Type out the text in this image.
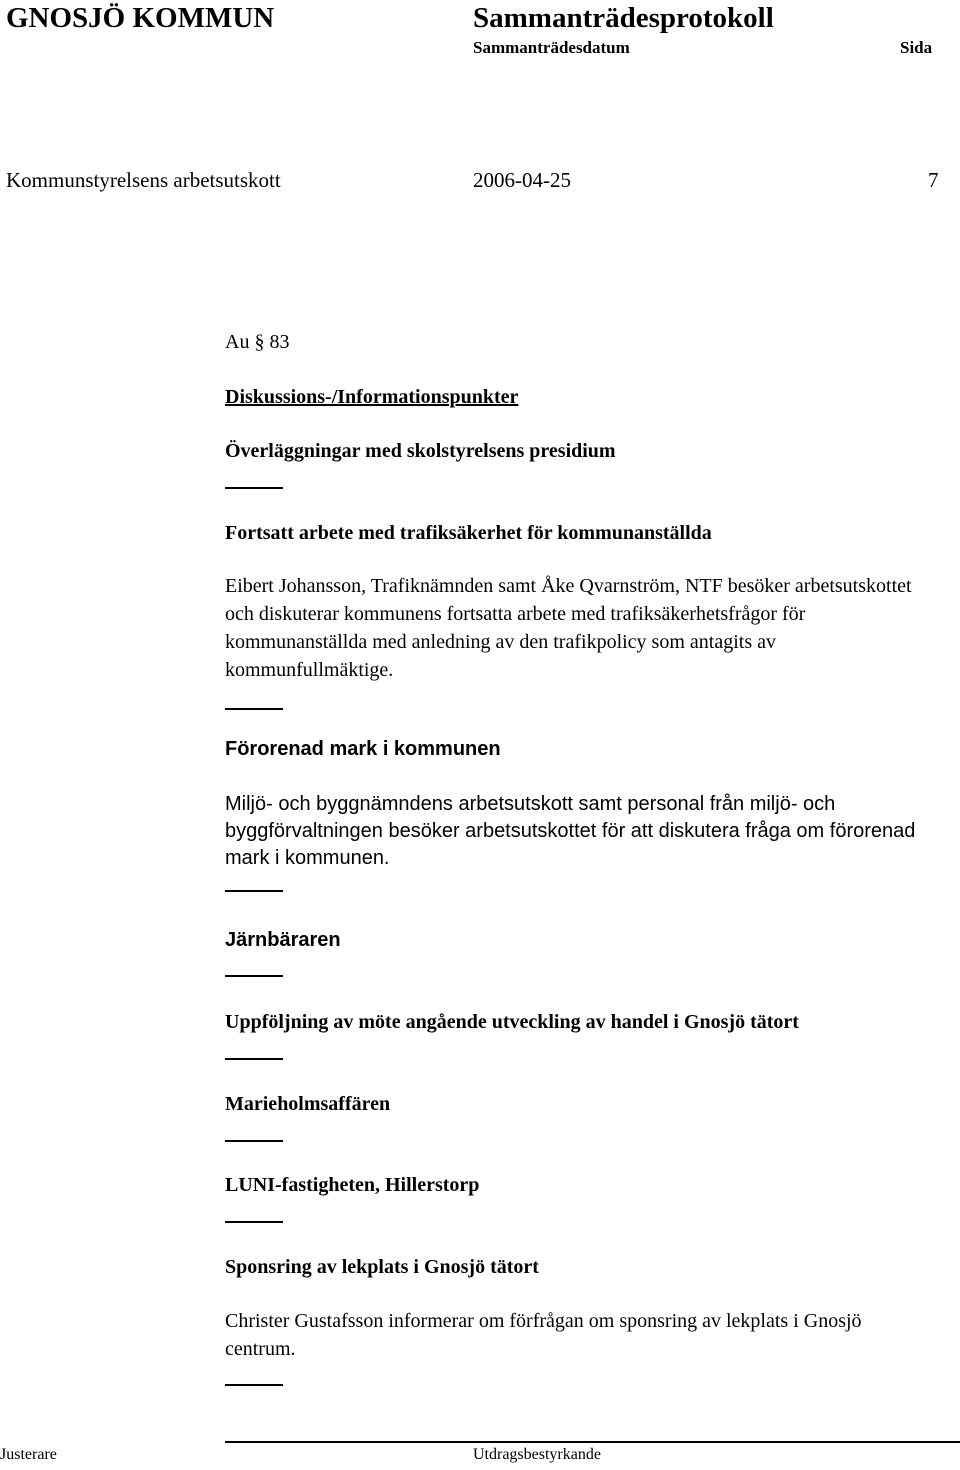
GNOSJÖ KOMMUN	Sammanträdesprotokoll
Sammanträdesdatum	Sida
Kommunstyrelsens arbetsutskott	2006-04-25	7
Au § 83
Diskussions-/Informationspunkter
Överläggningar med skolstyrelsens presidium
Fortsatt arbete med trafiksäkerhet för kommunanställda
Eibert Johansson, Trafiknämnden samt Åke Qvarnström, NTF besöker arbetsutskottet och diskuterar kommunens fortsatta arbete med trafiksäkerhetsfrågor för kommunanställda med anledning av den trafikpolicy som antagits av kommunfullmäktige.
Förorenad mark i kommunen
Miljö- och byggnämndens arbetsutskott samt personal från miljö- och byggförvaltningen besöker arbetsutskottet för att diskutera fråga om förorenad mark i kommunen.
Järnbäraren
Uppföljning av möte angående utveckling av handel i Gnosjö tätort
Marieholmsaffären
LUNI-fastigheten, Hillerstorp
Sponsring av lekplats i Gnosjö tätort
Christer Gustafsson informerar om förfrågan om sponsring av lekplats i Gnosjö centrum.
Justerare	Utdragsbestyrkande
